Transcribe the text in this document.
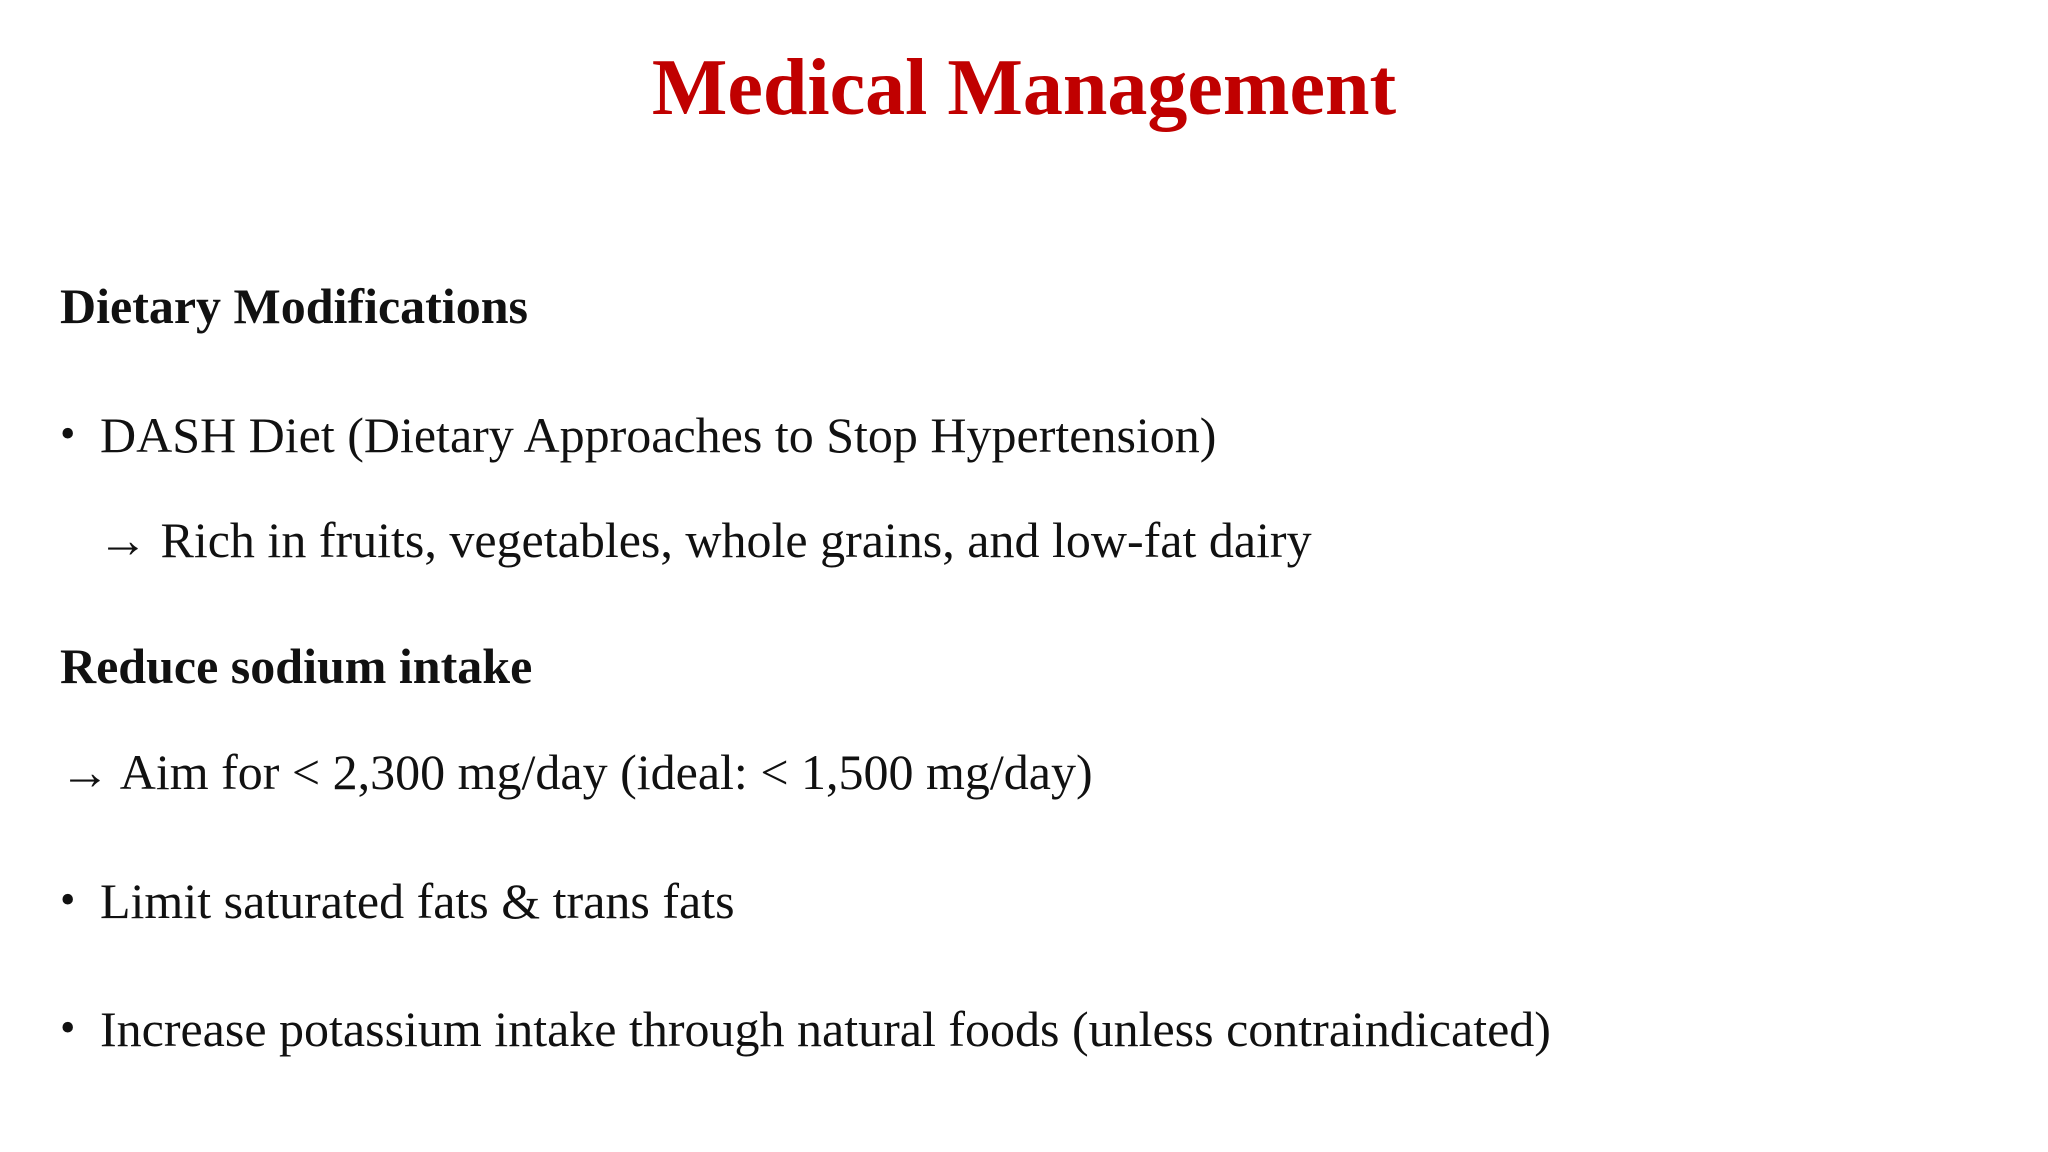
Medical Management
Dietary Modifications
• DASH Diet (Dietary Approaches to Stop Hypertension)
→ Rich in fruits, vegetables, whole grains, and low-fat dairy
Reduce sodium intake
→ Aim for < 2,300 mg/day (ideal: < 1,500 mg/day)
• Limit saturated fats & trans fats
• Increase potassium intake through natural foods (unless contraindicated)
